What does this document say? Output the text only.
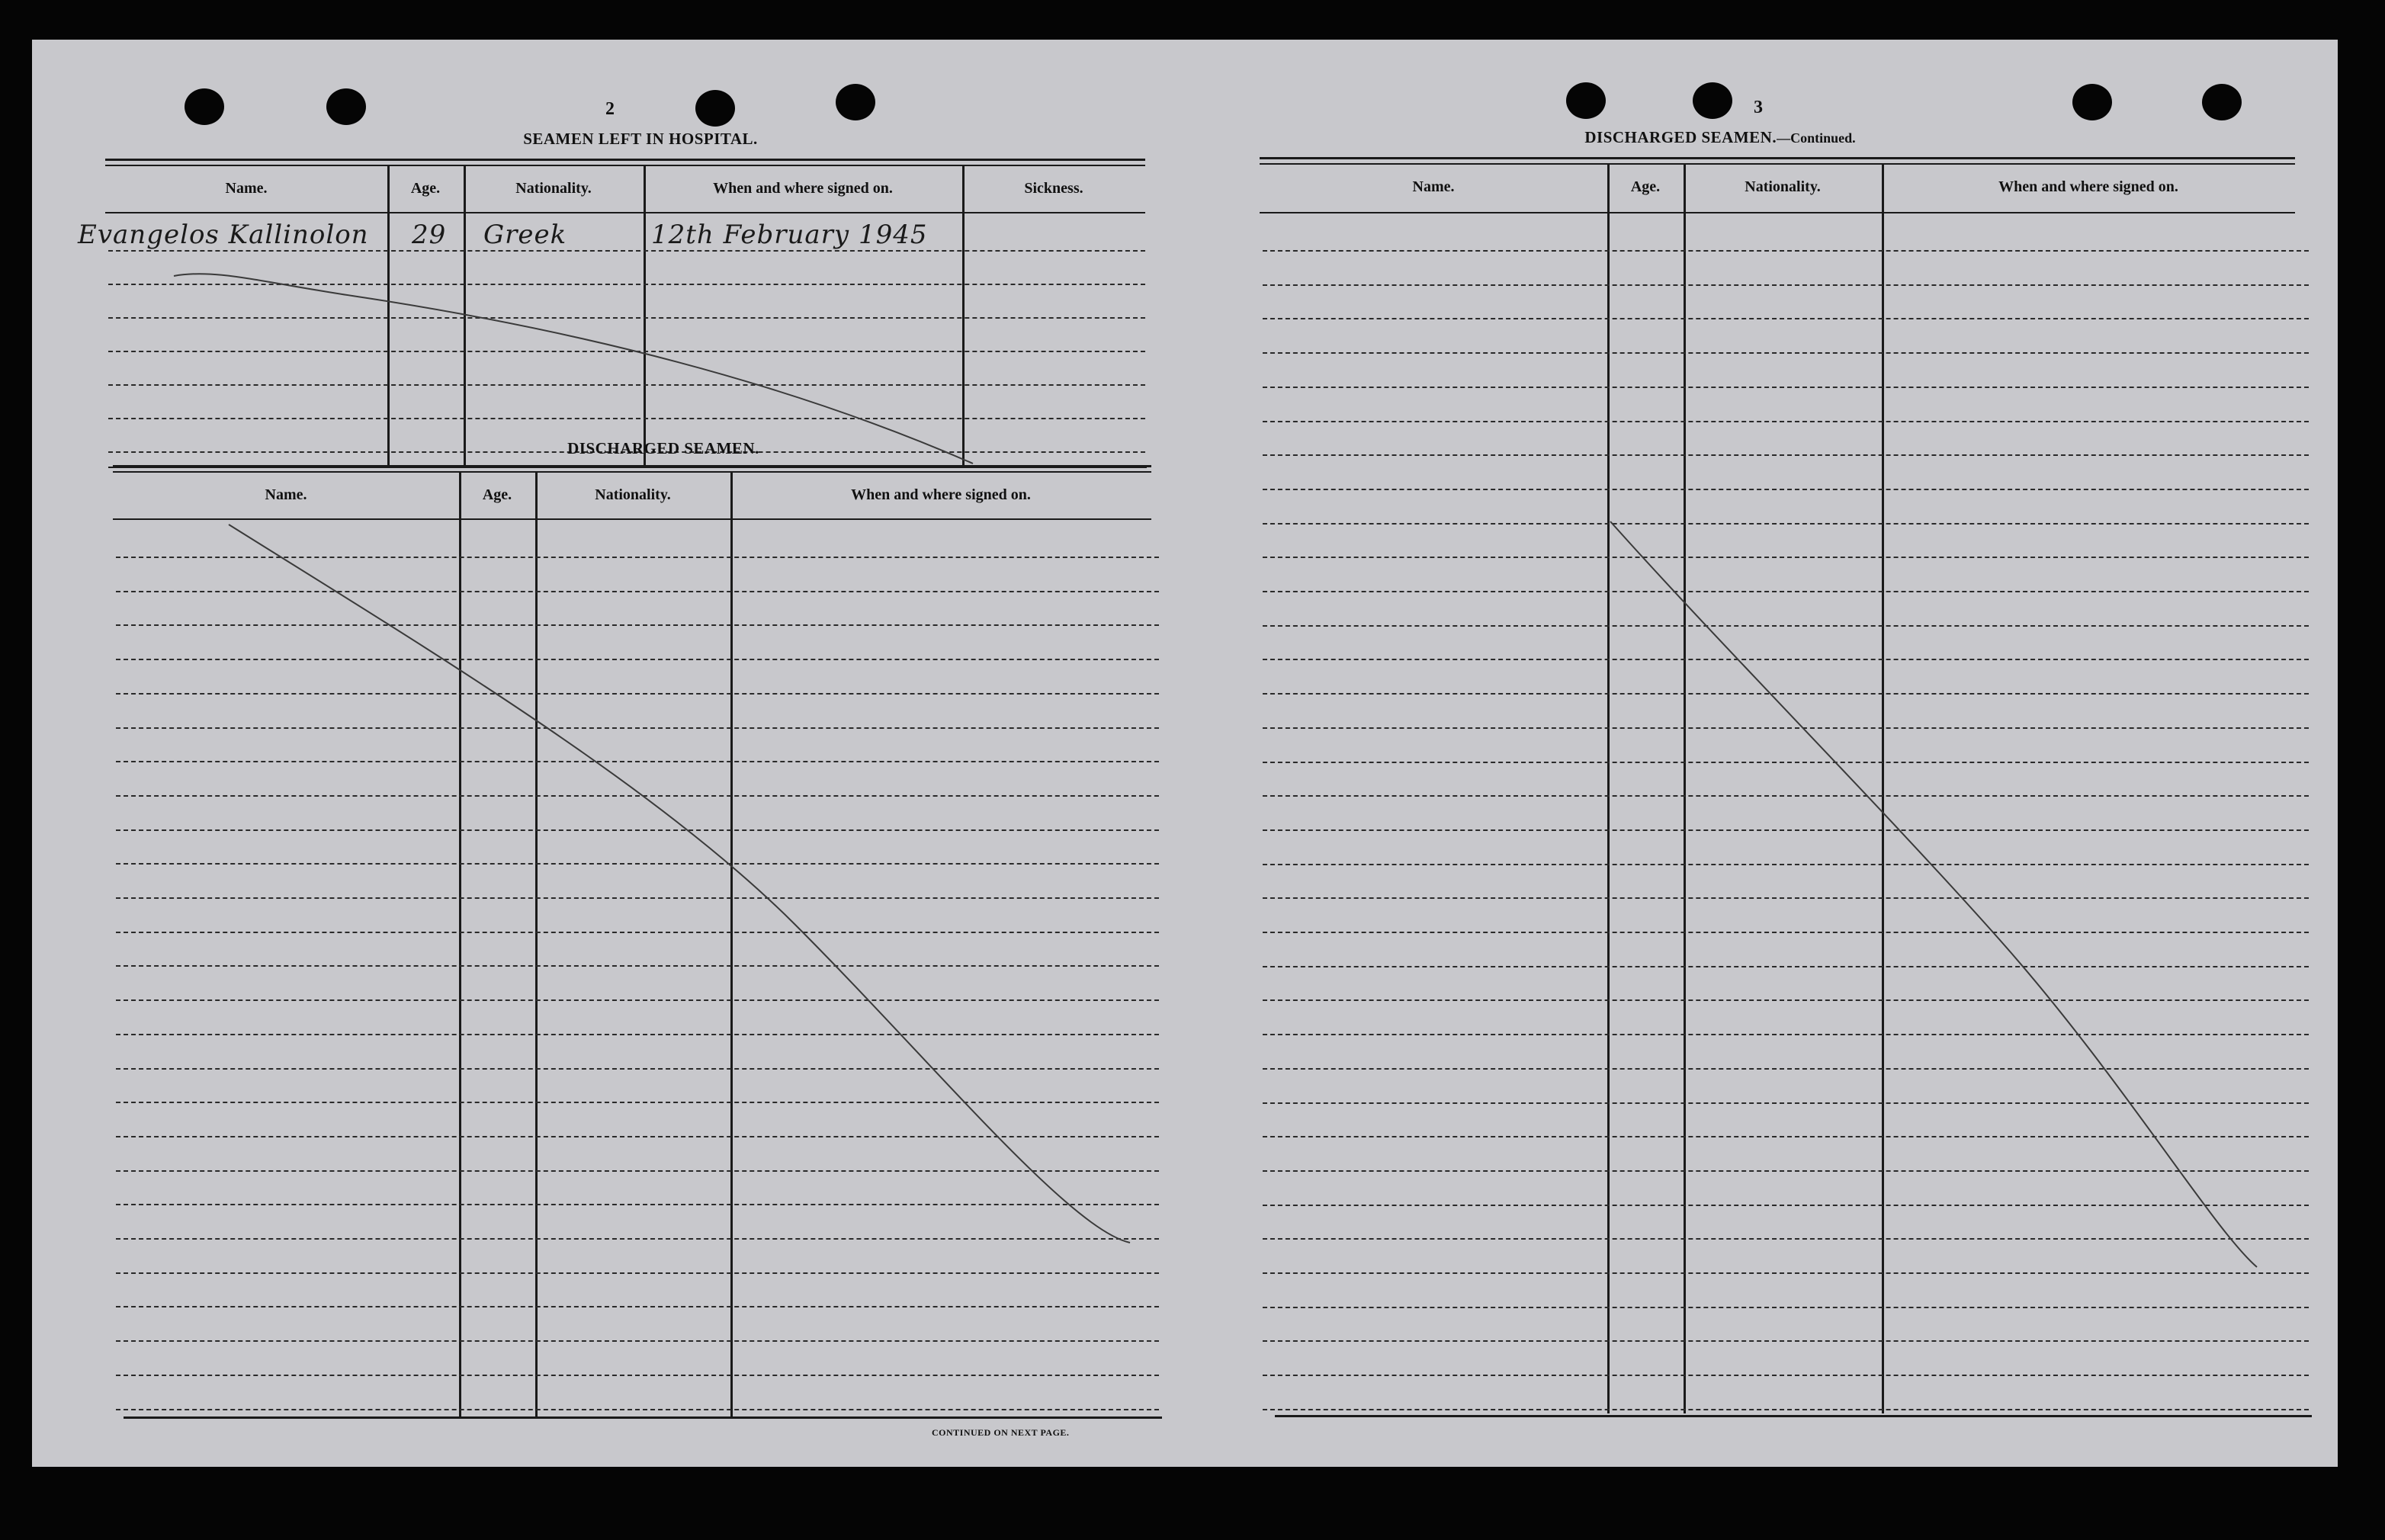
2
SEAMEN LEFT IN HOSPITAL.
Name.	Age.	Nationality.	When and where signed on.	Sickness.
Evangelos Kallinolon 29 Greek	12th February 1945
DISCHARGED SEAMEN.
Name.	Age.	Nationality.	When and where signed on.
CONTINUED ON NEXT PAGE.
3
DISCHARGED SEAMEN.—Continued.
Name.	Age.	Nationality.	When and where signed on.
